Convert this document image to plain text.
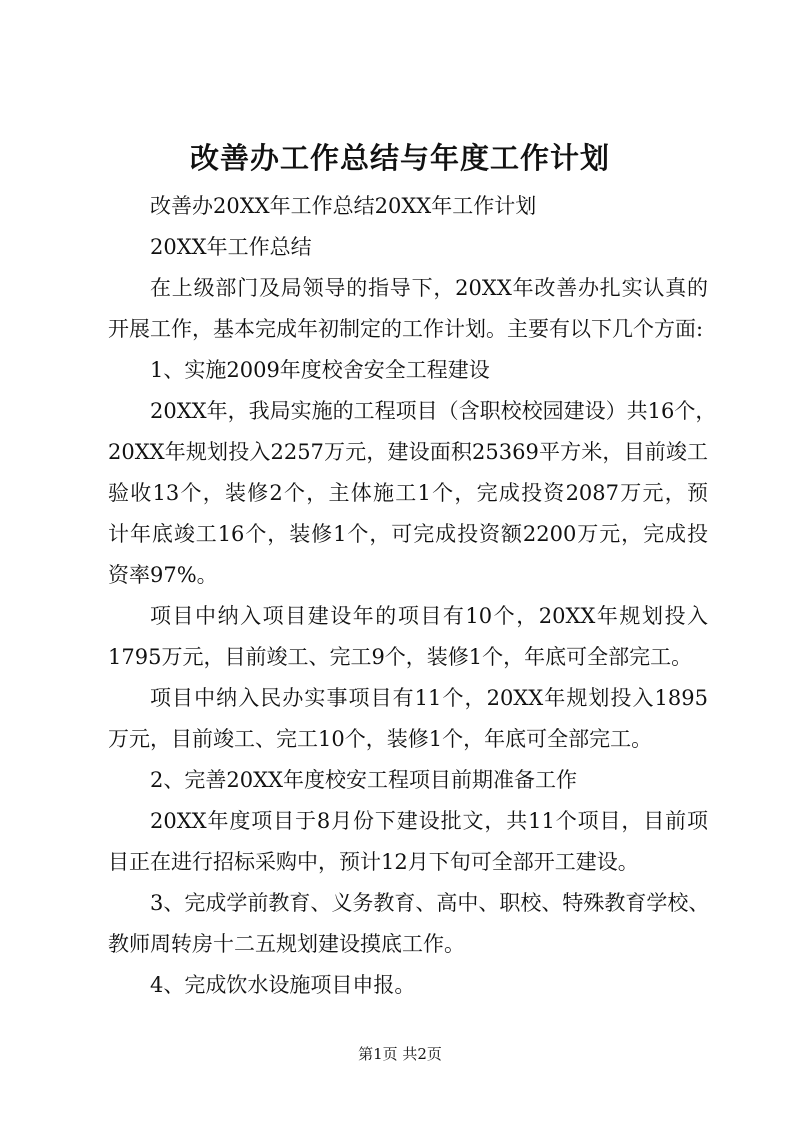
改善办工作总结与年度工作计划
改善办20XX年工作总结20XX年工作计划
20XX年工作总结
在上级部门及局领导的指导下，20XX年改善办扎实认真的
开展工作，基本完成年初制定的工作计划。主要有以下几个方面:
1、实施2009年度校舍安全工程建设
20XX年，我局实施的工程项目（含职校校园建设）共16个，
20XX年规划投入2257万元，建设面积25369平方米，目前竣工
验收13个，装修2个，主体施工1个，完成投资2087万元，预
计年底竣工16个，装修1个，可完成投资额2200万元，完成投
资率97%。
项目中纳入项目建设年的项目有10个，20XX年规划投入
1795万元，目前竣工、完工9个，装修1个，年底可全部完工。
项目中纳入民办实事项目有11个，20XX年规划投入1895
万元，目前竣工、完工10个，装修1个，年底可全部完工。
2、完善20XX年度校安工程项目前期准备工作
20XX年度项目于8月份下建设批文，共11个项目，目前项
目正在进行招标采购中，预计12月下旬可全部开工建设。
3、完成学前教育、义务教育、高中、职校、特殊教育学校、
教师周转房十二五规划建设摸底工作。
4、完成饮水设施项目申报。
第1页 共2页
